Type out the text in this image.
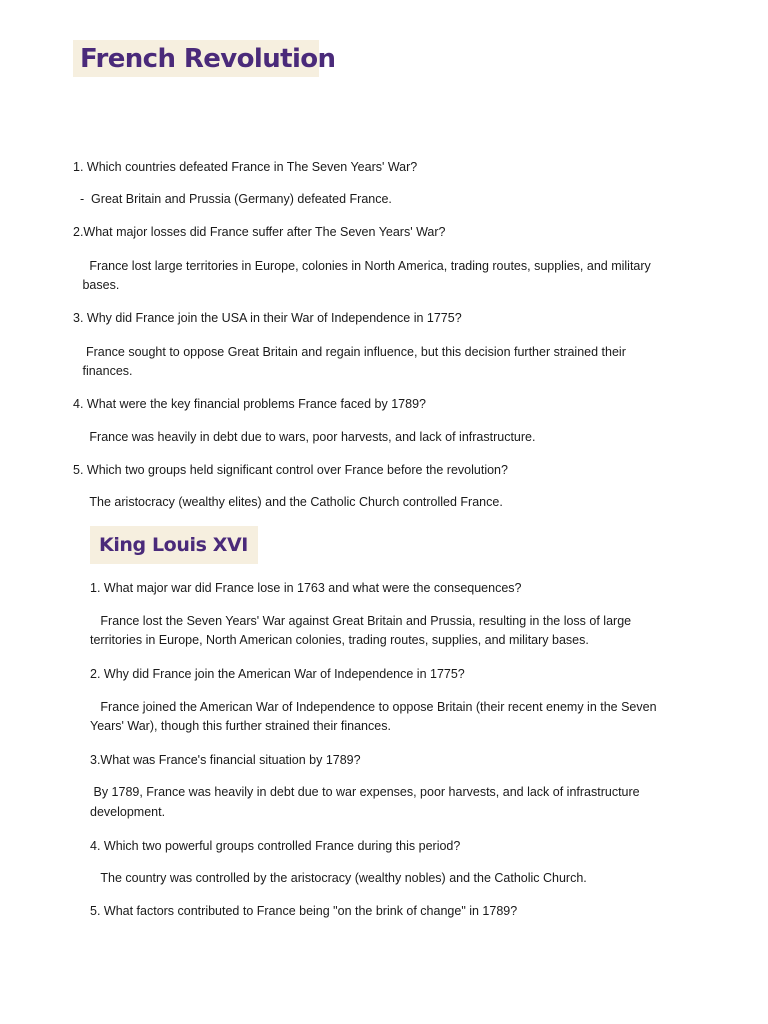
French Revolution

1. Which countries defeated France in The Seven Years' War?

-  Great Britain and Prussia (Germany) defeated France.

2.What major losses did France suffer after The Seven Years' War?

France lost large territories in Europe, colonies in North America, trading routes, supplies, and military

bases.

3. Why did France join the USA in their War of Independence in 1775?

France sought to oppose Great Britain and regain influence, but this decision further strained their

finances.

4. What were the key financial problems France faced by 1789?

France was heavily in debt due to wars, poor harvests, and lack of infrastructure.

5. Which two groups held significant control over France before the revolution?

The aristocracy (wealthy elites) and the Catholic Church controlled France.

King Louis XVI

1. What major war did France lose in 1763 and what were the consequences?

France lost the Seven Years' War against Great Britain and Prussia, resulting in the loss of large

territories in Europe, North American colonies, trading routes, supplies, and military bases.

2. Why did France join the American War of Independence in 1775?

France joined the American War of Independence to oppose Britain (their recent enemy in the Seven

Years' War), though this further strained their finances.

3.What was France's financial situation by 1789?

By 1789, France was heavily in debt due to war expenses, poor harvests, and lack of infrastructure

development.

4. Which two powerful groups controlled France during this period?

The country was controlled by the aristocracy (wealthy nobles) and the Catholic Church.

5. What factors contributed to France being "on the brink of change" in 1789?
